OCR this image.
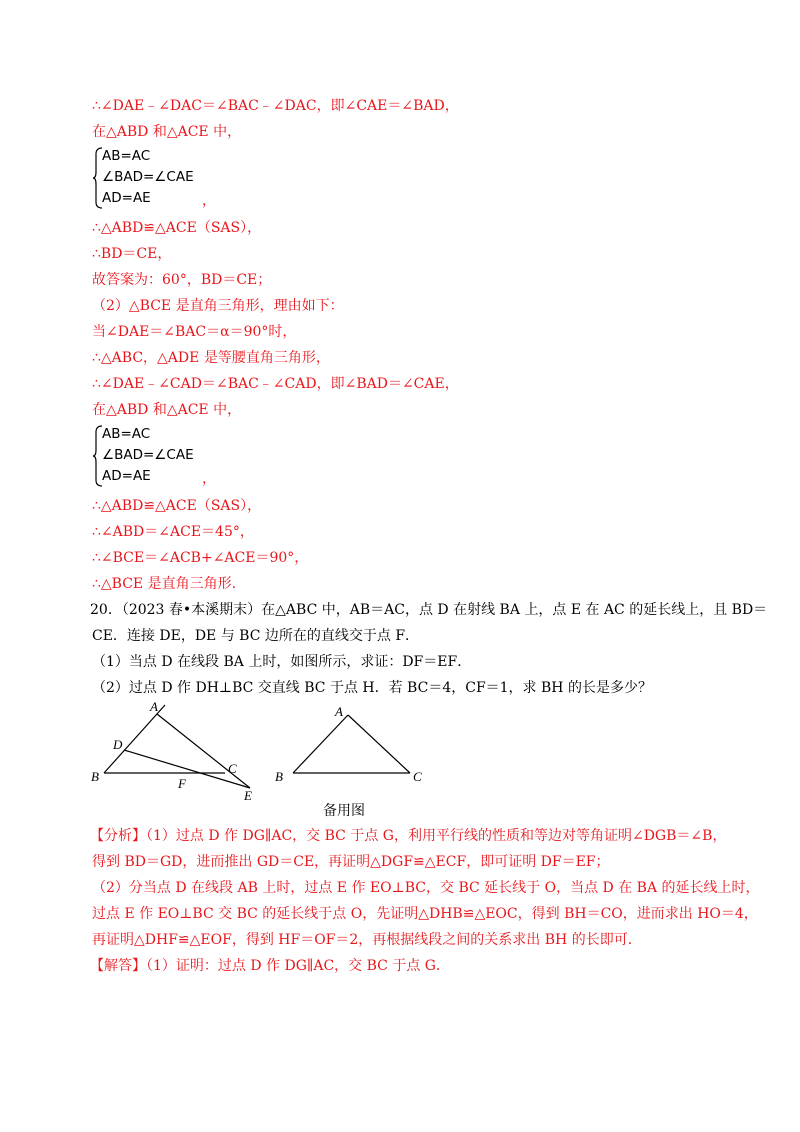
∴∠DAE﹣∠DAC＝∠BAC﹣∠DAC，即∠CAE＝∠BAD，
在△ABD 和△ACE 中，
AB=AC
∠BAD=∠CAE
AD=AE	，
∴△ABD≌△ACE（SAS），
∴BD＝CE，
故答案为：60°，BD＝CE；
（2）△BCE 是直角三角形，理由如下：
当∠DAE＝∠BAC＝α＝90°时，
∴△ABC，△ADE 是等腰直角三角形，
∴∠DAE﹣∠CAD＝∠BAC﹣∠CAD，即∠BAD＝∠CAE，
在△ABD 和△ACE 中，
AB=AC
∠BAD=∠CAE
AD=AE	，
∴△ABD≌△ACE（SAS），
∴∠ABD＝∠ACE＝45°，
∴∠BCE＝∠ACB+∠ACE＝90°，
∴△BCE 是直角三角形.
20．（2023 春•本溪期末）在△ABC 中，AB＝AC，点 D 在射线 BA 上，点 E 在 AC 的延长线上，且 BD＝
CE．连接 DE，DE 与 BC 边所在的直线交于点 F．
（1）当点 D 在线段 BA 上时，如图所示，求证：DF＝EF．
（2）过点 D 作 DH⊥BC 交直线 BC 于点 H．若 BC＝4，CF＝1，求 BH 的长是多少？
A
B
C
D
E
F
A
B	C
备用图
【分析】（1）过点 D 作 DG∥AC，交 BC 于点 G，利用平行线的性质和等边对等角证明∠DGB＝∠B，
得到 BD＝GD，进而推出 GD＝CE，再证明△DGF≌△ECF，即可证明 DF＝EF；
（2）分当点 D 在线段 AB 上时，过点 E 作 EO⊥BC，交 BC 延长线于 O，当点 D 在 BA 的延长线上时，
过点 E 作 EO⊥BC 交 BC 的延长线于点 O，先证明△DHB≌△EOC，得到 BH＝CO，进而求出 HO＝4，
再证明△DHF≌△EOF，得到 HF＝OF＝2，再根据线段之间的关系求出 BH 的长即可．
【解答】（1）证明：过点 D 作 DG∥AC，交 BC 于点 G．
